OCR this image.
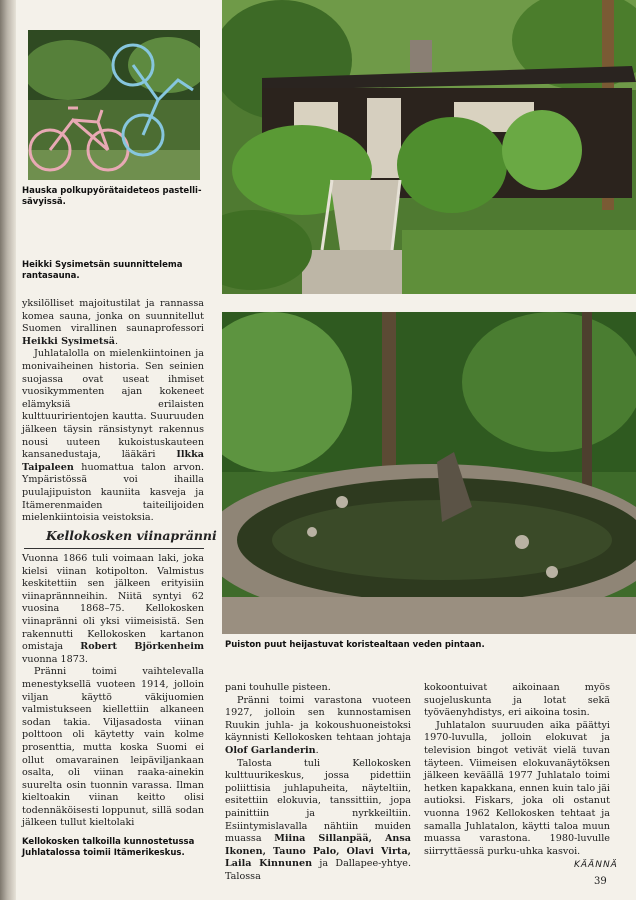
Hauska polkupyörätaideteos pastelli- sävyissä.
Heikki Sysimetsän suunnittelema rantasauna.

yksilölliset majoitustilat ja rannassa komea sauna, jonka on suunnitellut Suomen virallinen saunaprofessori Heikki Sysimetsä.

Juhlatalolla on mielenkiintoinen ja monivaiheinen historia. Sen seinien suojassa ovat useat ihmiset vuosikymmenten ajan kokeneet elämyksiä erilaisten kulttuuririentojen kautta. Suuruuden jälkeen täysin ränsistynyt rakennus nousi uuteen kukoistuskauteen kansanedustaja, lääkäri Ilkka Taipaleen huomattua talon arvon. Ympäristössä voi ihailla puulajipuiston kauniita kasveja ja Itämerenmaiden taiteilijoiden mielenkiintoisia veistoksia.

Kellokosken viinapränni

Vuonna 1866 tuli voimaan laki, joka kielsi viinan kotipolton. Valmistus keskitettiin sen jälkeen erityisiin viinaprännneihin. Niitä syntyi 62 vuosina 1868–75. Kellokosken viinapränni oli yksi viimeisistä. Sen rakennutti Kellokosken kartanon omistaja Robert Björkenheim vuonna 1873.

Pränni toimi vaihtelevalla menestyksellä vuoteen 1914, jolloin viljan käyttö väkijuomien valmistukseen kiellettiin alkaneen sodan takia. Viljasadosta viinan polttoon oli käytetty vain kolme prosenttia, mutta koska Suomi ei ollut omavarainen leipäviljankaan osalta, oli viinan raaka-ainekin suurelta osin tuonnin varassa. Ilman kieltoakin viinan keitto olisi todennäköisesti loppunut, sillä sodan jälkeen tullut kieltolaki

Kellokosken talkoilla kunnostetussa Juhlatalossa toimii Itämerikeskus.
Puiston puut heijastuvat koristealtaan veden pintaan.

pani touhulle pisteen.

Pränni toimi varastona vuoteen 1927, jolloin sen kunnostamisen Ruukin juhla- ja kokoushuoneistoksi käynnisti Kellokosken tehtaan johtaja Olof Garlanderin.

Talosta tuli Kellokosken kulttuurikeskus, jossa pidettiin poliittisia juhlapuheita, näyteltiin, esitettiin elokuvia, tanssittiin, jopa painittiin ja nyrkkeiltiin. Esiintymislavalla nähtiin muiden muassa Miina Sillanpää, Ansa Ikonen, Tauno Palo, Olavi Virta, Laila Kinnunen ja Dallapee-yhtye. Talossa

kokoontuivat aikoinaan myös suojeluskunta ja lotat sekä työväenyhdistys, eri aikoina tosin.

Juhlatalon suuruuden aika päättyi 1970-luvulla, jolloin elokuvat ja television bingot vetivät vielä tuvan täyteen. Viimeisen elokuvanäytöksen jälkeen keväällä 1977 Juhlatalo toimi hetken kapakkana, ennen kuin talo jäi autioksi. Fiskars, joka oli ostanut vuonna 1962 Kellokosken tehtaat ja samalla Juhlatalon, käytti taloa muun muassa varastona. 1980-luvulle siirryttäessä purku-uhka kasvoi.

KÄÄNNÄ
39
